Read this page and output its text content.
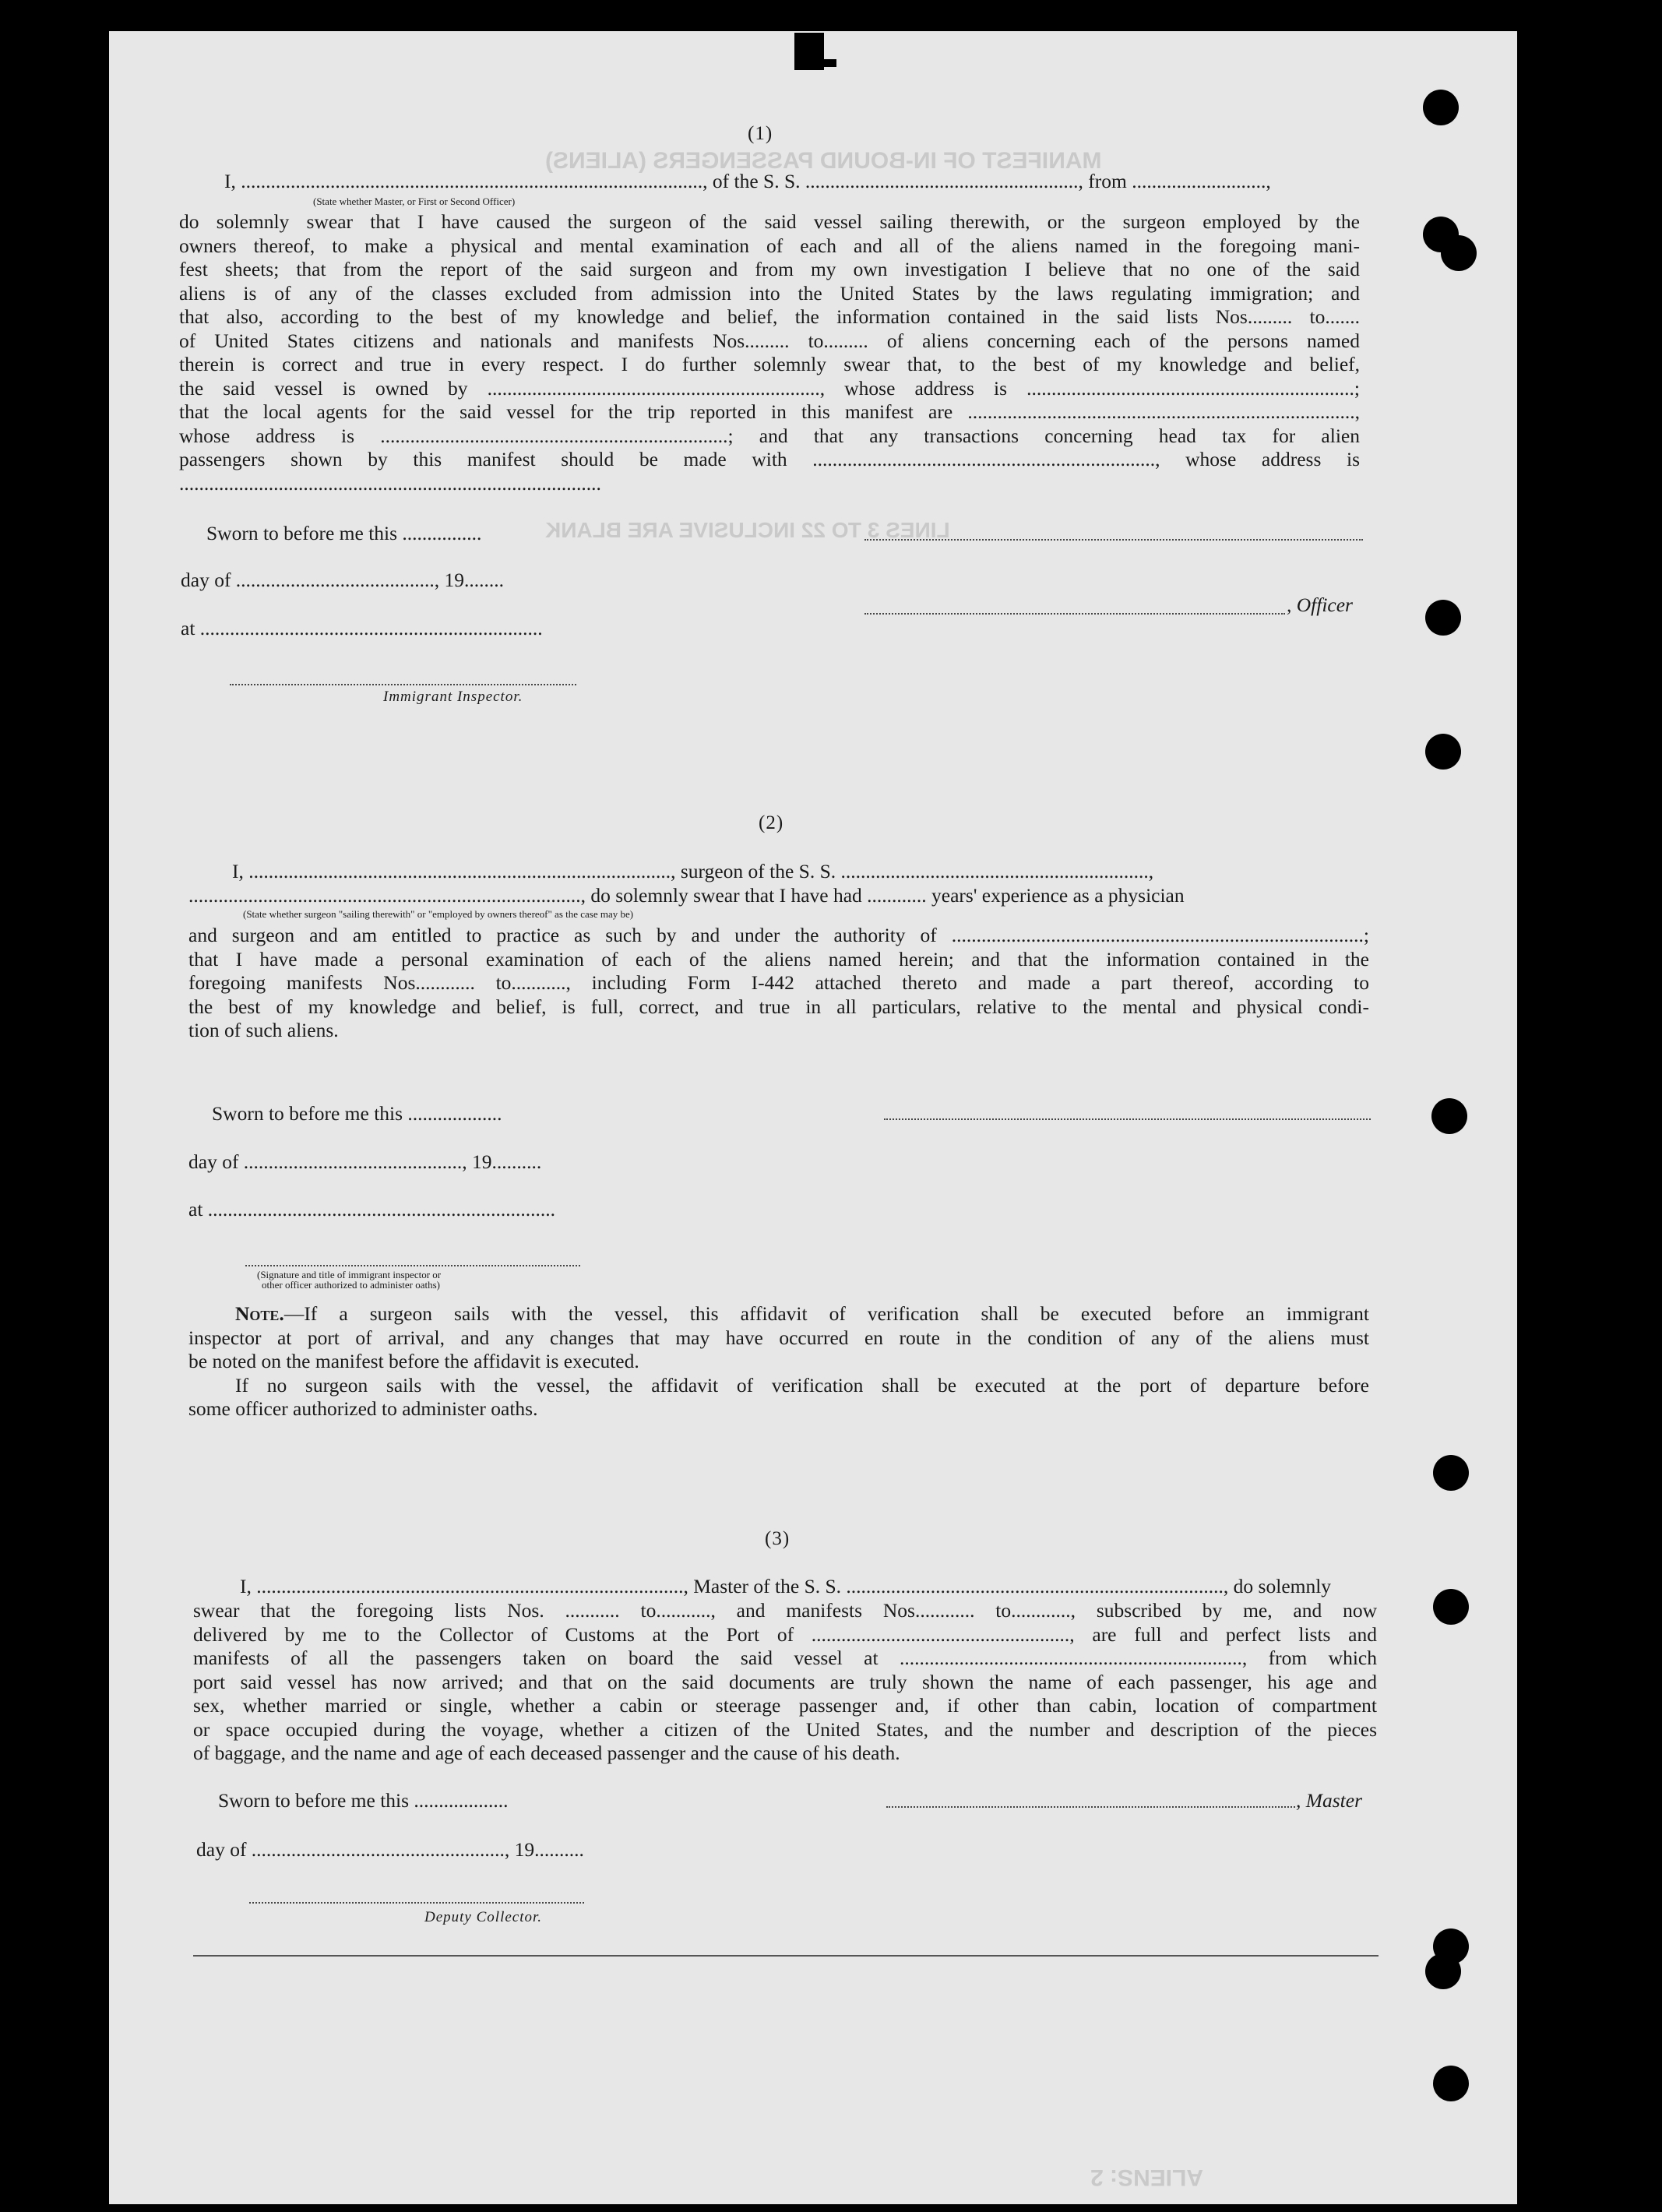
MANIFEST OF IN-BOUND PASSENGERS (ALIENS)
LINES 3 TO 22 INCLUSIVE ARE BLANK
ALIENS: 2
(1)
I, ............................................................................................., of the S. S. ......................................................., from ...........................,
(State whether Master, or First or Second Officer)
do solemnly swear that I have caused the surgeon of the said vessel sailing therewith, or the surgeon employed by the
owners thereof, to make a physical and mental examination of each and all of the aliens named in the foregoing mani-
fest sheets; that from the report of the said surgeon and from my own investigation I believe that no one of the said
aliens is of any of the classes excluded from admission into the United States by the laws regulating immigration; and
that also, according to the best of my knowledge and belief, the information contained in the said lists Nos......... to.......
of United States citizens and nationals and manifests Nos......... to......... of aliens concerning each of the persons named
therein is correct and true in every respect. I do further solemnly swear that, to the best of my knowledge and belief,
the said vessel is owned by ..................................................................., whose address is ..................................................................;
that the local agents for the said vessel for the trip reported in this manifest are ..............................................................................,
whose address is ......................................................................; and that any transactions concerning head tax for alien
passengers shown by this manifest should be made with ....................................................................., whose address is
.....................................................................................
Sworn to before me this ................
day of ........................................, 19........
, Officer
at .....................................................................
Immigrant Inspector.
(2)
I, ....................................................................................., surgeon of the S. S. ..............................................................,
..............................................................................., do solemnly swear that I have had ............ years' experience as a physician
(State whether surgeon "sailing therewith" or "employed by owners thereof" as the case may be)
and surgeon and am entitled to practice as such by and under the authority of ...................................................................................;
that I have made a personal examination of each of the aliens named herein; and that the information contained in the
foregoing manifests Nos............ to..........., including Form I-442 attached thereto and made a part thereof, according to
the best of my knowledge and belief, is full, correct, and true in all particulars, relative to the mental and physical condi-
tion of such aliens.
Sworn to before me this ...................
day of ............................................, 19..........
at ......................................................................
(Signature and title of immigrant inspector or
other officer authorized to administer oaths)
Note.—If a surgeon sails with the vessel, this affidavit of verification shall be executed before an immigrant
inspector at port of arrival, and any changes that may have occurred en route in the condition of any of the aliens must
be noted on the manifest before the affidavit is executed.
If no surgeon sails with the vessel, the affidavit of verification shall be executed at the port of departure before
some officer authorized to administer oaths.
(3)
I, ......................................................................................, Master of the S. S. ............................................................................, do solemnly
swear that the foregoing lists Nos. ........... to..........., and manifests Nos............ to............, subscribed by me, and now
delivered by me to the Collector of Customs at the Port of ...................................................., are full and perfect lists and
manifests of all the passengers taken on board the said vessel at ....................................................................., from which
port said vessel has now arrived; and that on the said documents are truly shown the name of each passenger, his age and
sex, whether married or single, whether a cabin or steerage passenger and, if other than cabin, location of compartment
or space occupied during the voyage, whether a citizen of the United States, and the number and description of the pieces
of baggage, and the name and age of each deceased passenger and the cause of his death.
Sworn to before me this ...................	, Master
day of ..................................................., 19..........
Deputy Collector.
